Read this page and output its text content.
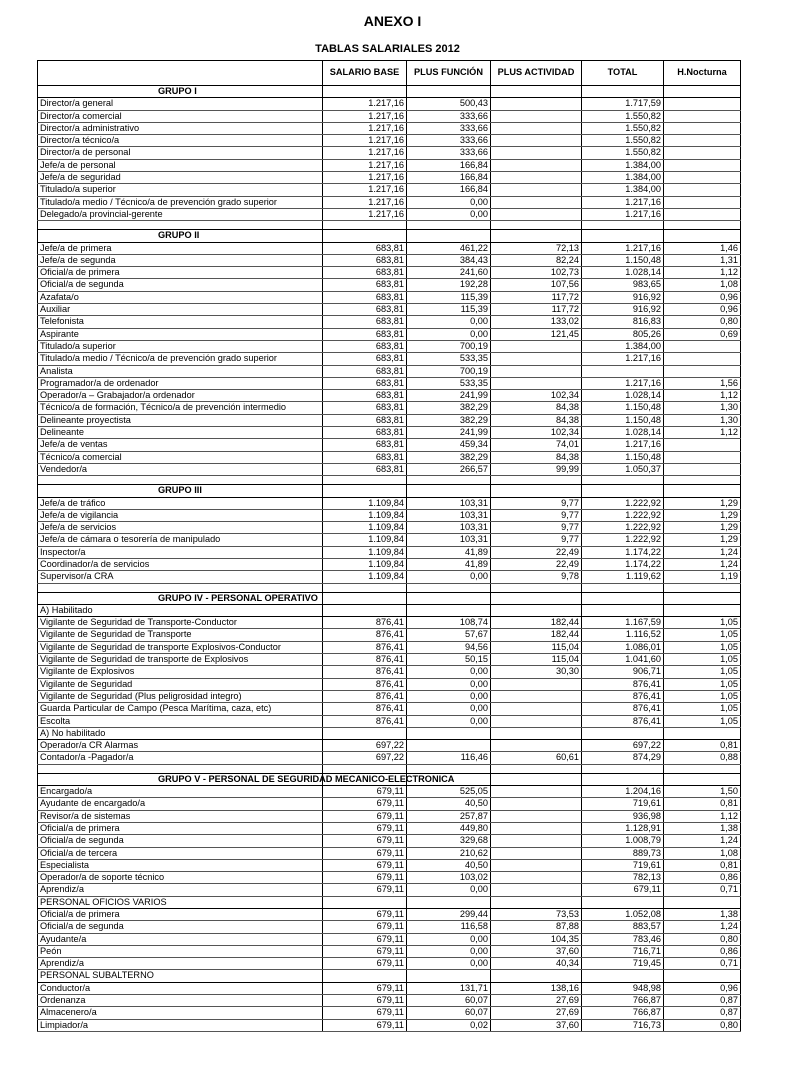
ANEXO I
TABLAS SALARIALES 2012
	SALARIO BASE	PLUS FUNCIÓN	PLUS ACTIVIDAD	TOTAL	H.Nocturna
GRUPO I					
Director/a general	1.217,16	500,43		1.717,59	
Director/a comercial	1.217,16	333,66		1.550,82	
Director/a administrativo	1.217,16	333,66		1.550,82	
Director/a técnico/a	1.217,16	333,66		1.550,82	
Director/a de personal	1.217,16	333,66		1.550,82	
Jefe/a de personal	1.217,16	166,84		1.384,00	
Jefe/a de seguridad	1.217,16	166,84		1.384,00	
Titulado/a superior	1.217,16	166,84		1.384,00	
Titulado/a medio / Técnico/a de prevención grado superior	1.217,16	0,00		1.217,16	
Delegado/a provincial-gerente	1.217,16	0,00		1.217,16	

GRUPO II					
Jefe/a de primera	683,81	461,22	72,13	1.217,16	1,46
Jefe/a de segunda	683,81	384,43	82,24	1.150,48	1,31
Oficial/a de primera	683,81	241,60	102,73	1.028,14	1,12
Oficial/a de segunda	683,81	192,28	107,56	983,65	1,08
Azafata/o	683,81	115,39	117,72	916,92	0,96
Auxiliar	683,81	115,39	117,72	916,92	0,96
Telefonista	683,81	0,00	133,02	816,83	0,80
Aspirante	683,81	0,00	121,45	805,26	0,69
Titulado/a superior	683,81	700,19		1.384,00	
Titulado/a medio / Técnico/a de prevención grado superior	683,81	533,35		1.217,16	
Analista	683,81	700,19			
Programador/a de ordenador	683,81	533,35		1.217,16	1,56
Operador/a – Grabajador/a ordenador	683,81	241,99	102,34	1.028,14	1,12
Técnico/a de formación, Técnico/a de prevención intermedio	683,81	382,29	84,38	1.150,48	1,30
Delineante proyectista	683,81	382,29	84,38	1.150,48	1,30
Delineante	683,81	241,99	102,34	1.028,14	1,12
Jefe/a de ventas	683,81	459,34	74,01	1.217,16	
Técnico/a comercial	683,81	382,29	84,38	1.150,48	
Vendedor/a	683,81	266,57	99,99	1.050,37	

GRUPO III					
Jefe/a de tráfico	1.109,84	103,31	9,77	1.222,92	1,29
Jefe/a de vigilancia	1.109,84	103,31	9,77	1.222,92	1,29
Jefe/a de servicios	1.109,84	103,31	9,77	1.222,92	1,29
Jefe/a de cámara o tesorería de manipulado	1.109,84	103,31	9,77	1.222,92	1,29
Inspector/a	1.109,84	41,89	22,49	1.174,22	1,24
Coordinador/a de servicios	1.109,84	41,89	22,49	1.174,22	1,24
Supervisor/a CRA	1.109,84	0,00	9,78	1.119,62	1,19

GRUPO IV - PERSONAL OPERATIVO					
A) Habilitado					
Vigilante de Seguridad de Transporte-Conductor	876,41	108,74	182,44	1.167,59	1,05
Vigilante de Seguridad de Transporte	876,41	57,67	182,44	1.116,52	1,05
Vigilante de Seguridad de transporte Explosivos-Conductor	876,41	94,56	115,04	1.086,01	1,05
Vigilante de Seguridad de transporte de Explosivos	876,41	50,15	115,04	1.041,60	1,05
Vigilante de Explosivos	876,41	0,00	30,30	906,71	1,05
Vigilante de Seguridad	876,41	0,00		876,41	1,05
Vigilante de Seguridad (Plus peligrosidad integro)	876,41	0,00		876,41	1,05
Guarda Particular de Campo (Pesca Marítima, caza, etc)	876,41	0,00		876,41	1,05
Escolta	876,41	0,00		876,41	1,05
A) No habilitado					
Operador/a CR Alarmas	697,22			697,22	0,81
Contador/a -Pagador/a	697,22	116,46	60,61	874,29	0,88

GRUPO V - PERSONAL DE SEGURIDAD MECANICO-ELECTRONICA					
Encargado/a	679,11	525,05		1.204,16	1,50
Ayudante de encargado/a	679,11	40,50		719,61	0,81
Revisor/a de sistemas	679,11	257,87		936,98	1,12
Oficial/a de primera	679,11	449,80		1.128,91	1,38
Oficial/a de segunda	679,11	329,68		1.008,79	1,24
Oficial/a de tercera	679,11	210,62		889,73	1,08
Especialista	679,11	40,50		719,61	0,81
Operador/a de soporte técnico	679,11	103,02		782,13	0,86
Aprendiz/a	679,11	0,00		679,11	0,71
PERSONAL OFICIOS VARIOS					
Oficial/a de primera	679,11	299,44	73,53	1.052,08	1,38
Oficial/a de segunda	679,11	116,58	87,88	883,57	1,24
Ayudante/a	679,11	0,00	104,35	783,46	0,80
Peón	679,11	0,00	37,60	716,71	0,86
Aprendiz/a	679,11	0,00	40,34	719,45	0,71
PERSONAL SUBALTERNO					
Conductor/a	679,11	131,71	138,16	948,98	0,96
Ordenanza	679,11	60,07	27,69	766,87	0,87
Almacenero/a	679,11	60,07	27,69	766,87	0,87
Limpiador/a	679,11	0,02	37,60	716,73	0,80
